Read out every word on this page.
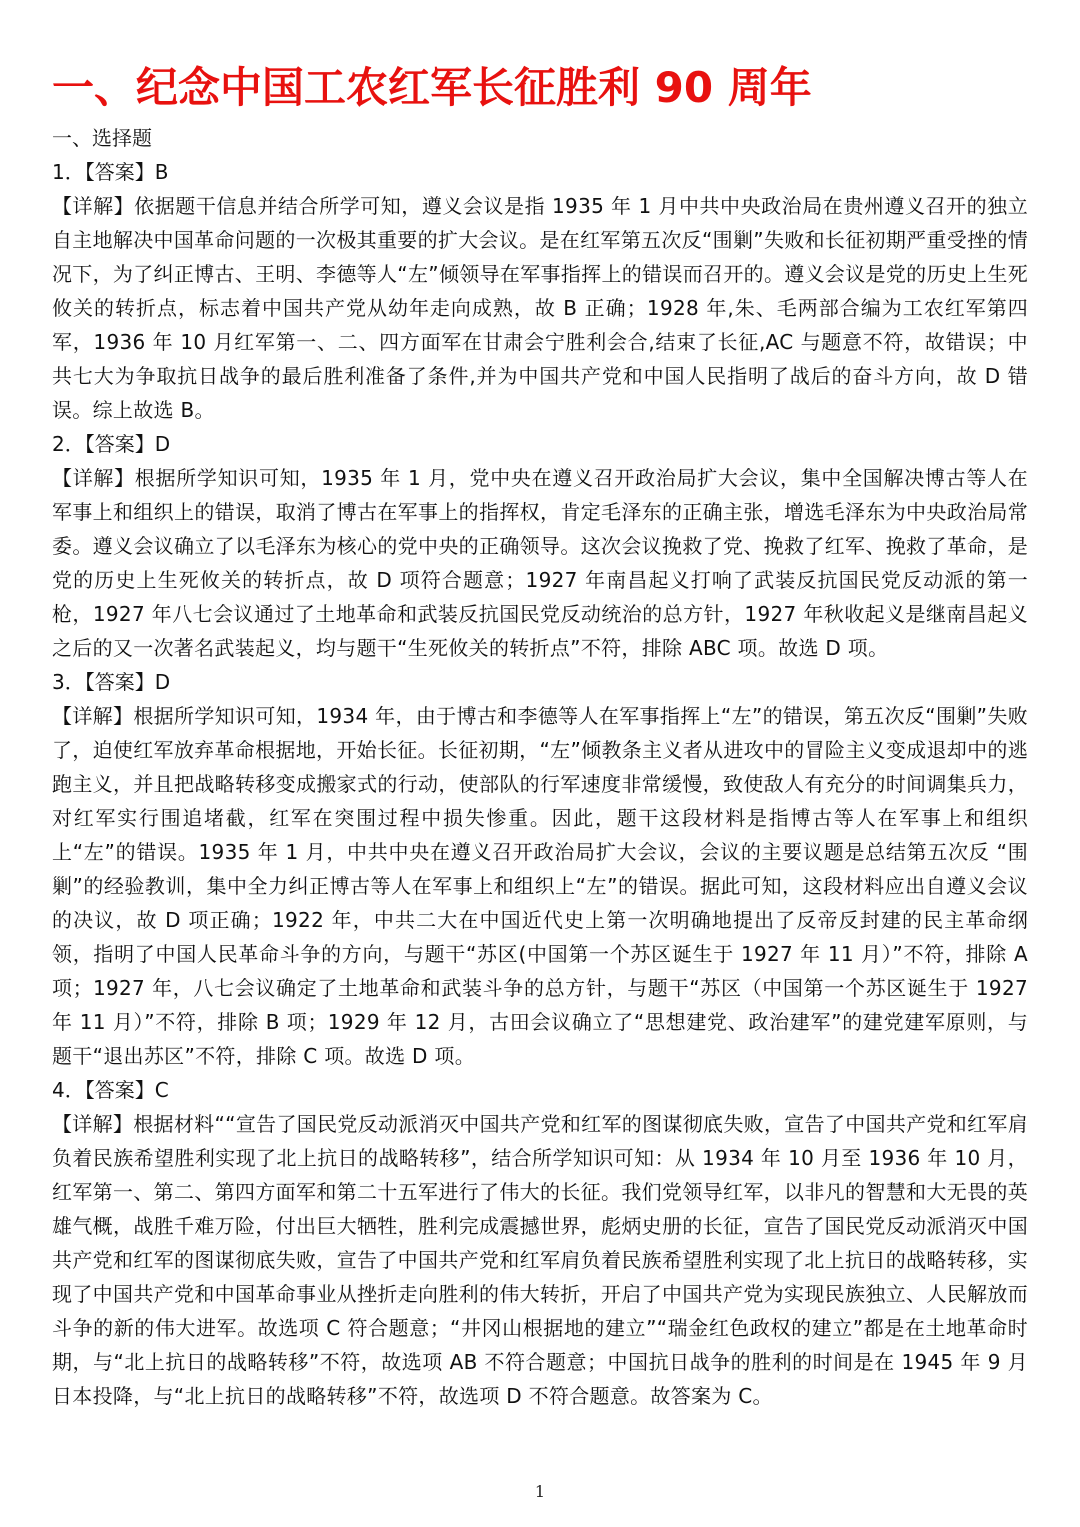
一、纪念中国工农红军长征胜利 90 周年

一、选择题

1．【答案】B

【详解】依据题干信息并结合所学可知，遵义会议是指 1935 年 1 月中共中央政治局在贵州遵义召开的独立自主地解决中国革命问题的一次极其重要的扩大会议。是在红军第五次反“围剿”失败和长征初期严重受挫的情况下，为了纠正博古、王明、李德等人“左”倾领导在军事指挥上的错误而召开的。遵义会议是党的历史上生死攸关的转折点，标志着中国共产党从幼年走向成熟，故 B 正确；1928 年,朱、毛两部合编为工农红军第四军，1936 年 10 月红军第一、二、四方面军在甘肃会宁胜利会合,结束了长征,AC 与题意不符，故错误；中共七大为争取抗日战争的最后胜利准备了条件,并为中国共产党和中国人民指明了战后的奋斗方向，故 D 错误。综上故选 B。

2．【答案】D

【详解】根据所学知识可知，1935 年 1 月，党中央在遵义召开政治局扩大会议，集中全国解决博古等人在军事上和组织上的错误，取消了博古在军事上的指挥权，肯定毛泽东的正确主张，增选毛泽东为中央政治局常委。遵义会议确立了以毛泽东为核心的党中央的正确领导。这次会议挽救了党、挽救了红军、挽救了革命，是党的历史上生死攸关的转折点，故 D 项符合题意；1927 年南昌起义打响了武装反抗国民党反动派的第一枪，1927 年八七会议通过了土地革命和武装反抗国民党反动统治的总方针，1927 年秋收起义是继南昌起义之后的又一次著名武装起义，均与题干“生死攸关的转折点”不符，排除 ABC 项。故选 D 项。

3．【答案】D

【详解】根据所学知识可知，1934 年，由于博古和李德等人在军事指挥上“左”的错误，第五次反“围剿”失败了，迫使红军放弃革命根据地，开始长征。长征初期，“左”倾教条主义者从进攻中的冒险主义变成退却中的逃跑主义，并且把战略转移变成搬家式的行动，使部队的行军速度非常缓慢，致使敌人有充分的时间调集兵力，对红军实行围追堵截，红军在突围过程中损失惨重。因此，题干这段材料是指博古等人在军事上和组织上“左”的错误。1935 年 1 月，中共中央在遵义召开政治局扩大会议，会议的主要议题是总结第五次反 “围剿”的经验教训，集中全力纠正博古等人在军事上和组织上“左”的错误。据此可知，这段材料应出自遵义会议的决议，故 D 项正确；1922 年，中共二大在中国近代史上第一次明确地提出了反帝反封建的民主革命纲领，指明了中国人民革命斗争的方向，与题干“苏区(中国第一个苏区诞生于 1927 年 11 月）”不符，排除 A 项；1927 年，八七会议确定了土地革命和武装斗争的总方针，与题干“苏区（中国第一个苏区诞生于 1927 年 11 月）”不符，排除 B 项；1929 年 12 月，古田会议确立了“思想建党、政治建军”的建党建军原则，与题干“退出苏区”不符，排除 C 项。故选 D 项。

4．【答案】C

【详解】根据材料““宣告了国民党反动派消灭中国共产党和红军的图谋彻底失败，宣告了中国共产党和红军肩负着民族希望胜利实现了北上抗日的战略转移”，结合所学知识可知：从 1934 年 10 月至 1936 年 10 月，红军第一、第二、第四方面军和第二十五军进行了伟大的长征。我们党领导红军，以非凡的智慧和大无畏的英雄气概，战胜千难万险，付出巨大牺牲，胜利完成震撼世界，彪炳史册的长征，宣告了国民党反动派消灭中国共产党和红军的图谋彻底失败，宣告了中国共产党和红军肩负着民族希望胜利实现了北上抗日的战略转移，实现了中国共产党和中国革命事业从挫折走向胜利的伟大转折，开启了中国共产党为实现民族独立、人民解放而斗争的新的伟大进军。故选项 C 符合题意；“井冈山根据地的建立”“瑞金红色政权的建立”都是在土地革命时期，与“北上抗日的战略转移”不符，故选项 AB 不符合题意；中国抗日战争的胜利的时间是在 1945 年 9 月日本投降，与“北上抗日的战略转移”不符，故选项 D 不符合题意。故答案为 C。

1
